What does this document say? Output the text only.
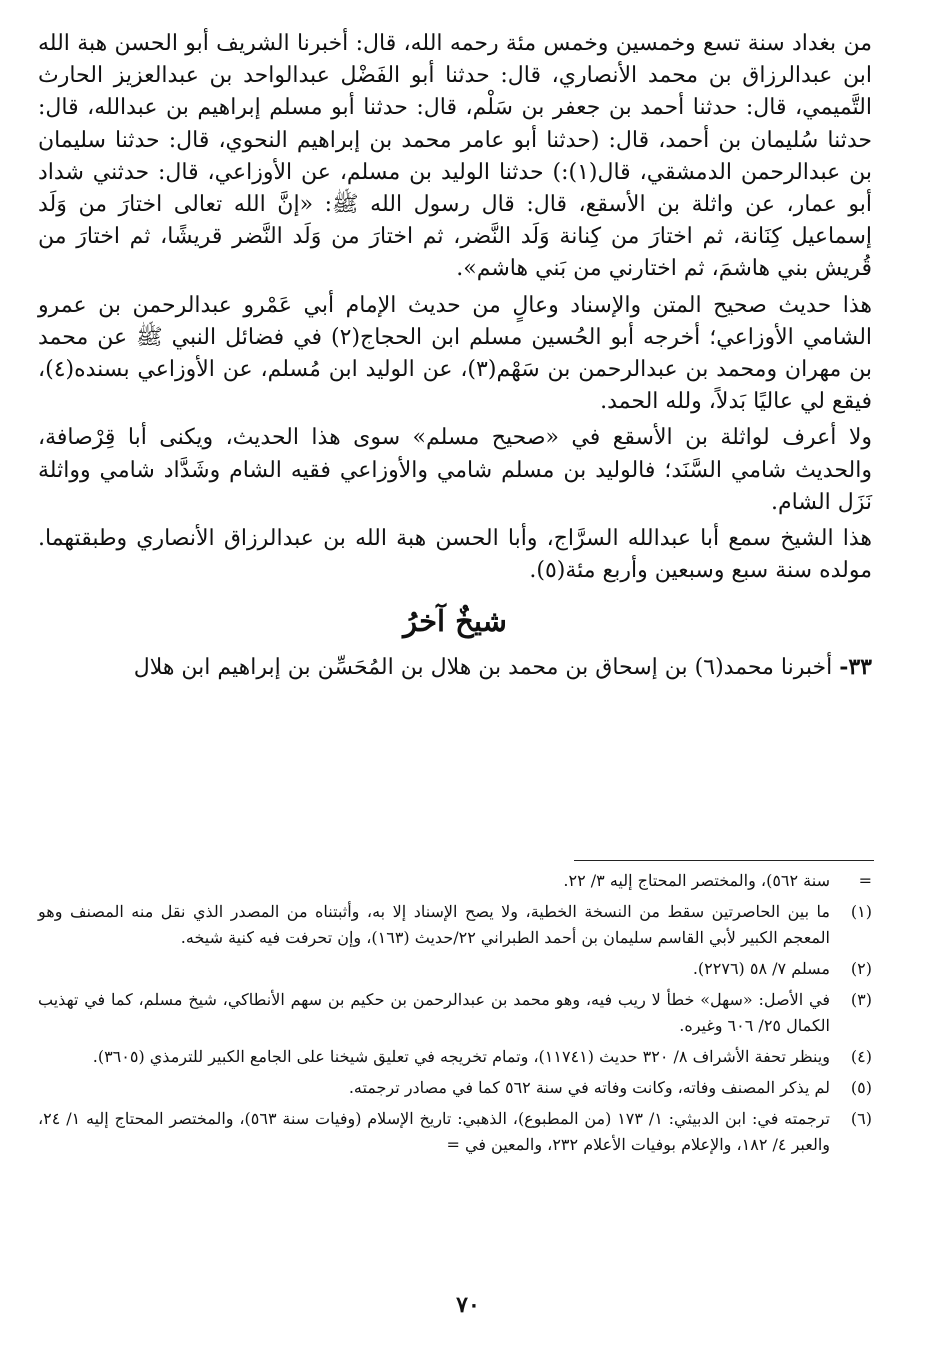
من بغداد سنة تسع وخمسين وخمس مئة رحمه الله، قال: أخبرنا الشريف أبو الحسن هبة الله ابن عبدالرزاق بن محمد الأنصاري، قال: حدثنا أبو الفَضْل عبدالواحد بن عبدالعزيز الحارث التَّميمي، قال: حدثنا أحمد بن جعفر بن سَلْم، قال: حدثنا أبو مسلم إبراهيم بن عبدالله، قال: حدثنا سُليمان بن أحمد، قال: (حدثنا أبو عامر محمد بن إبراهيم النحوي، قال: حدثنا سليمان بن عبدالرحمن الدمشقي، قال(١):) حدثنا الوليد بن مسلم، عن الأوزاعي، قال: حدثني شداد أبو عمار، عن واثلة بن الأسقع، قال: قال رسول الله ﷺ: «إنَّ الله تعالى اختارَ من وَلَد إسماعيل كِنَانة، ثم اختارَ من كِنانة وَلَد النَّضر، ثم اختارَ من وَلَد النَّضر قريشًا، ثم اختارَ من قُريش بني هاشمَ، ثم اختارني من بَني هاشم».

هذا حديث صحيح المتن والإسناد وعالٍ من حديث الإمام أبي عَمْرو عبدالرحمن بن عمرو الشامي الأوزاعي؛ أخرجه أبو الحُسين مسلم ابن الحجاج(٢) في فضائل النبي ﷺ عن محمد بن مهران ومحمد بن عبدالرحمن بن سَهْم(٣)، عن الوليد ابن مُسلم، عن الأوزاعي بسنده(٤)، فيقع لي عاليًا بَدلاً، ولله الحمد.

ولا أعرف لواثلة بن الأسقع في «صحيح مسلم» سوى هذا الحديث، ويكنى أبا قِرْصافة، والحديث شامي السَّنَد؛ فالوليد بن مسلم شامي والأوزاعي فقيه الشام وشَدَّاد شامي وواثلة نَزَل الشام.

هذا الشيخ سمع أبا عبدالله السرَّاج، وأبا الحسن هبة الله بن عبدالرزاق الأنصاري وطبقتهما. مولده سنة سبع وسبعين وأربع مئة(٥).

شيخٌ آخرُ

٣٣- أخبرنا محمد(٦) بن إسحاق بن محمد بن هلال بن المُحَسِّن بن إبراهيم ابن هلال

=
سنة ٥٦٢)، والمختصر المحتاج إليه ٣/ ٢٢.
(١)
ما بين الحاصرتين سقط من النسخة الخطية، ولا يصح الإسناد إلا به، وأثبتناه من المصدر الذي نقل منه المصنف وهو المعجم الكبير لأبي القاسم سليمان بن أحمد الطبراني ٢٢/حديث (١٦٣)، وإن تحرفت فيه كنية شيخه.
(٢)
مسلم ٧/ ٥٨ (٢٢٧٦).
(٣)
في الأصل: «سهل» خطأ لا ريب فيه، وهو محمد بن عبدالرحمن بن حكيم بن سهم الأنطاكي، شيخ مسلم، كما في تهذيب الكمال ٢٥/ ٦٠٦ وغيره.
(٤)
وينظر تحفة الأشراف ٨/ ٣٢٠ حديث (١١٧٤١)، وتمام تخريجه في تعليق شيخنا على الجامع الكبير للترمذي (٣٦٠٥).
(٥)
لم يذكر المصنف وفاته، وكانت وفاته في سنة ٥٦٢ كما في مصادر ترجمته.
(٦)
ترجمته في: ابن الدبيثي: ١/ ١٧٣ (من المطبوع)، الذهبي: تاريخ الإسلام (وفيات سنة ٥٦٣)، والمختصر المحتاج إليه ١/ ٢٤، والعبر ٤/ ١٨٢، والإعلام بوفيات الأعلام ٢٣٢، والمعين في =
٧٠
